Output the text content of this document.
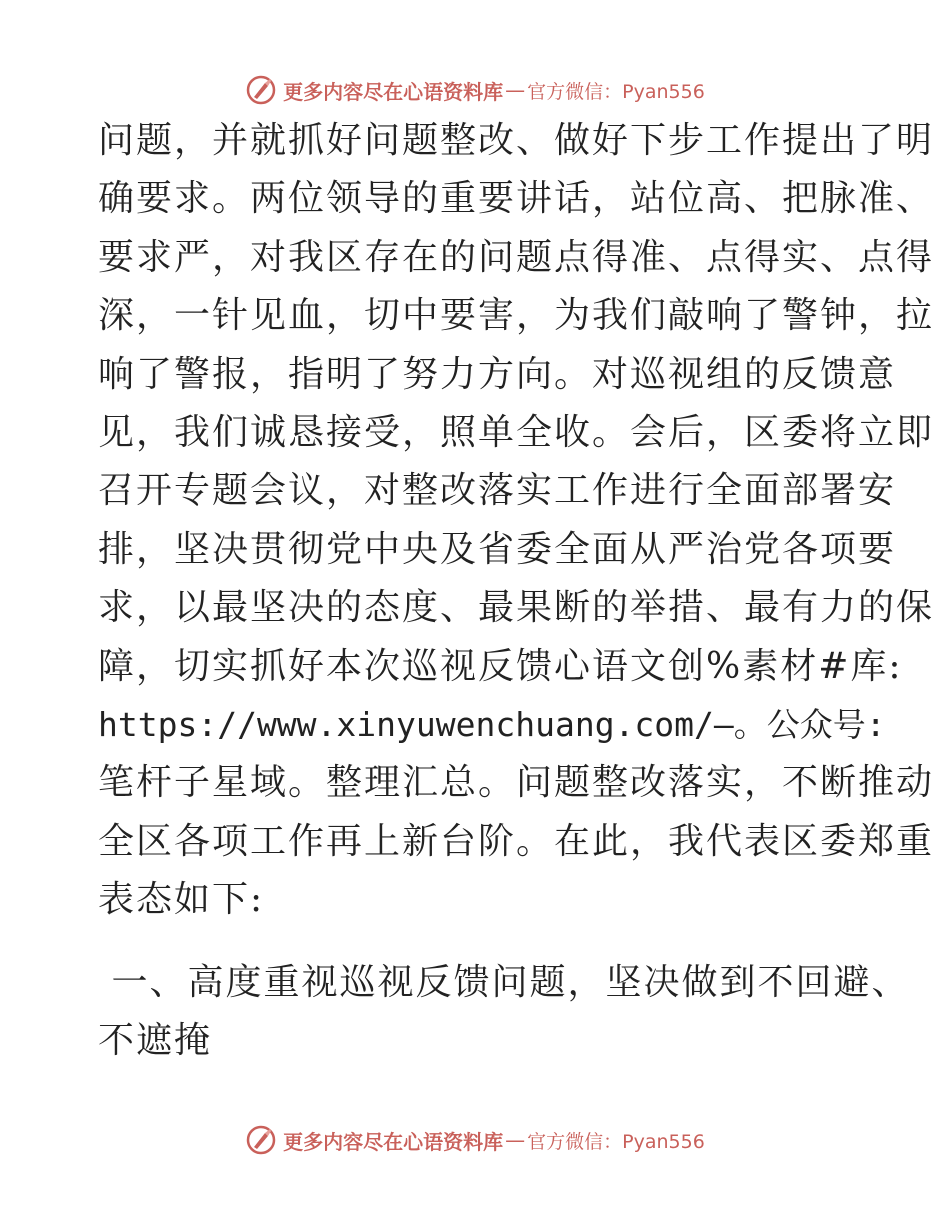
更多内容尽在心语资料库 — 官方微信：Pyan556
问题，并就抓好问题整改、做好下步工作提出了明
确要求。两位领导的重要讲话，站位高、把脉准、
要求严，对我区存在的问题点得准、点得实、点得
深，一针见血，切中要害，为我们敲响了警钟，拉
响了警报，指明了努力方向。对巡视组的反馈意
见，我们诚恳接受，照单全收。会后，区委将立即
召开专题会议，对整改落实工作进行全面部署安
排，坚决贯彻党中央及省委全面从严治党各项要
求，以最坚决的态度、最果断的举措、最有力的保
障，切实抓好本次巡视反馈心语文创%素材#库:
https://www.xinyuwenchuang.com/—。公众号:
笔杆子星域。整理汇总。问题整改落实，不断推动
全区各项工作再上新台阶。在此，我代表区委郑重
表态如下:
一、高度重视巡视反馈问题，坚决做到不回避、
不遮掩
更多内容尽在心语资料库 — 官方微信：Pyan556
